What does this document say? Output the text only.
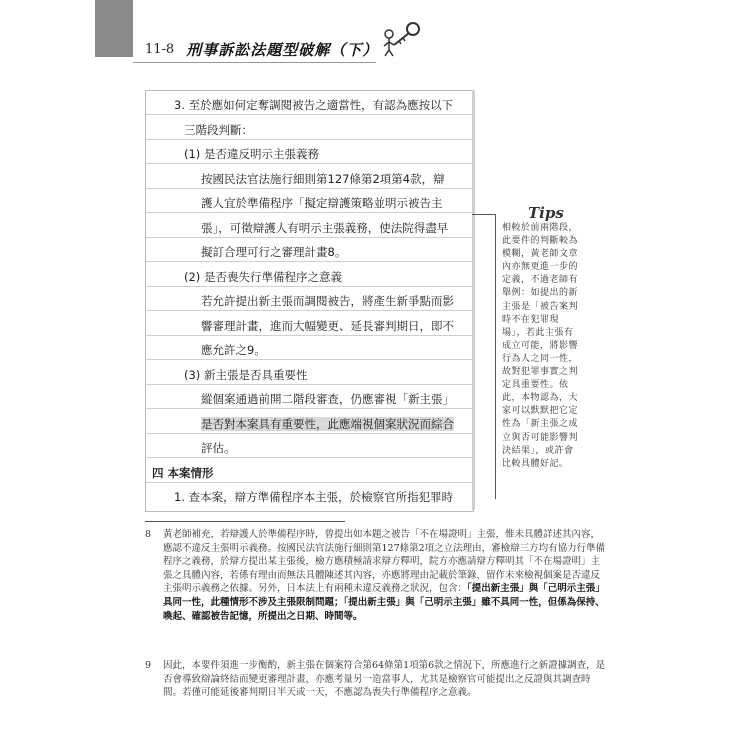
11-8 刑事訴訟法題型破解（下）
3. 至於應如何定奪調閱被告之適當性，有認為應按以下
三階段判斷：
(1) 是否違反明示主張義務
按國民法官法施行細則第127條第2項第4款，辯
護人宜於準備程序「擬定辯護策略並明示被告主
張」，可徵辯護人有明示主張義務，使法院得盡早
擬訂合理可行之審理計畫8。
(2) 是否喪失行準備程序之意義
若允許提出新主張而調閱被告，將產生新爭點而影
響審理計畫，進而大幅變更、延長審判期日，即不
應允許之9。
(3) 新主張是否具重要性
縱個案通過前開二階段審查，仍應審視「新主張」
是否對本案具有重要性，此應端視個案狀況而綜合
評估。
四 本案情形
1. 查本案，辯方準備程序本主張，於檢察官所指犯罪時
Tips
相較於前兩階段，此要件的判斷較為模糊，黃老師文章內亦無更進一步的定義，不過老師有舉例：如提出的新主張是「被告案判時不在犯罪現場」，若此主張有成立可能，將影響行為人之同一性，故對犯罪事實之判定具重要性。依此，本物認為，大家可以默默把它定性為「新主張之成立與否可能影響判決結果」，或許會比較具體好記。
8	黃老師補充，若辯護人於準備程序時，曾提出如本題之被告「不在場證明」主張，惟未具體詳述其內容，應認不違反主張明示義務。按國民法官法施行細則第127條第2項之立法理由，審檢辯三方均有協力行準備程序之義務，於辯方提出某主張後，檢方應積極請求辯方釋明，院方亦應請辯方釋明其「不在場證明」主張之具體內容，若係有理由而無法具體陳述其內容，亦應將理由記載於筆錄，留作未來檢視個案是否違反主張明示義務之依據。另外，日本法上有兩種未違反義務之狀況，包含：「提出新主張」與「己明示主張」具同一性，此種情形不涉及主張限制問題；「提出新主張」與「己明示主張」雖不具同一性，但係為保持、喚起、確認被告記憶，所提出之日期、時間等。
9	因此，本要件須進一步衡酌，新主張在個案符合第64條第1項第6款之情況下，所應進行之新證據調查，是否會導致辯論終結而變更審理計畫，亦應考量另一造當事人，尤其是檢察官可能提出之反證與其調查時間。若僅可能延後審判期日半天或一天，不應認為喪失行準備程序之意義。
